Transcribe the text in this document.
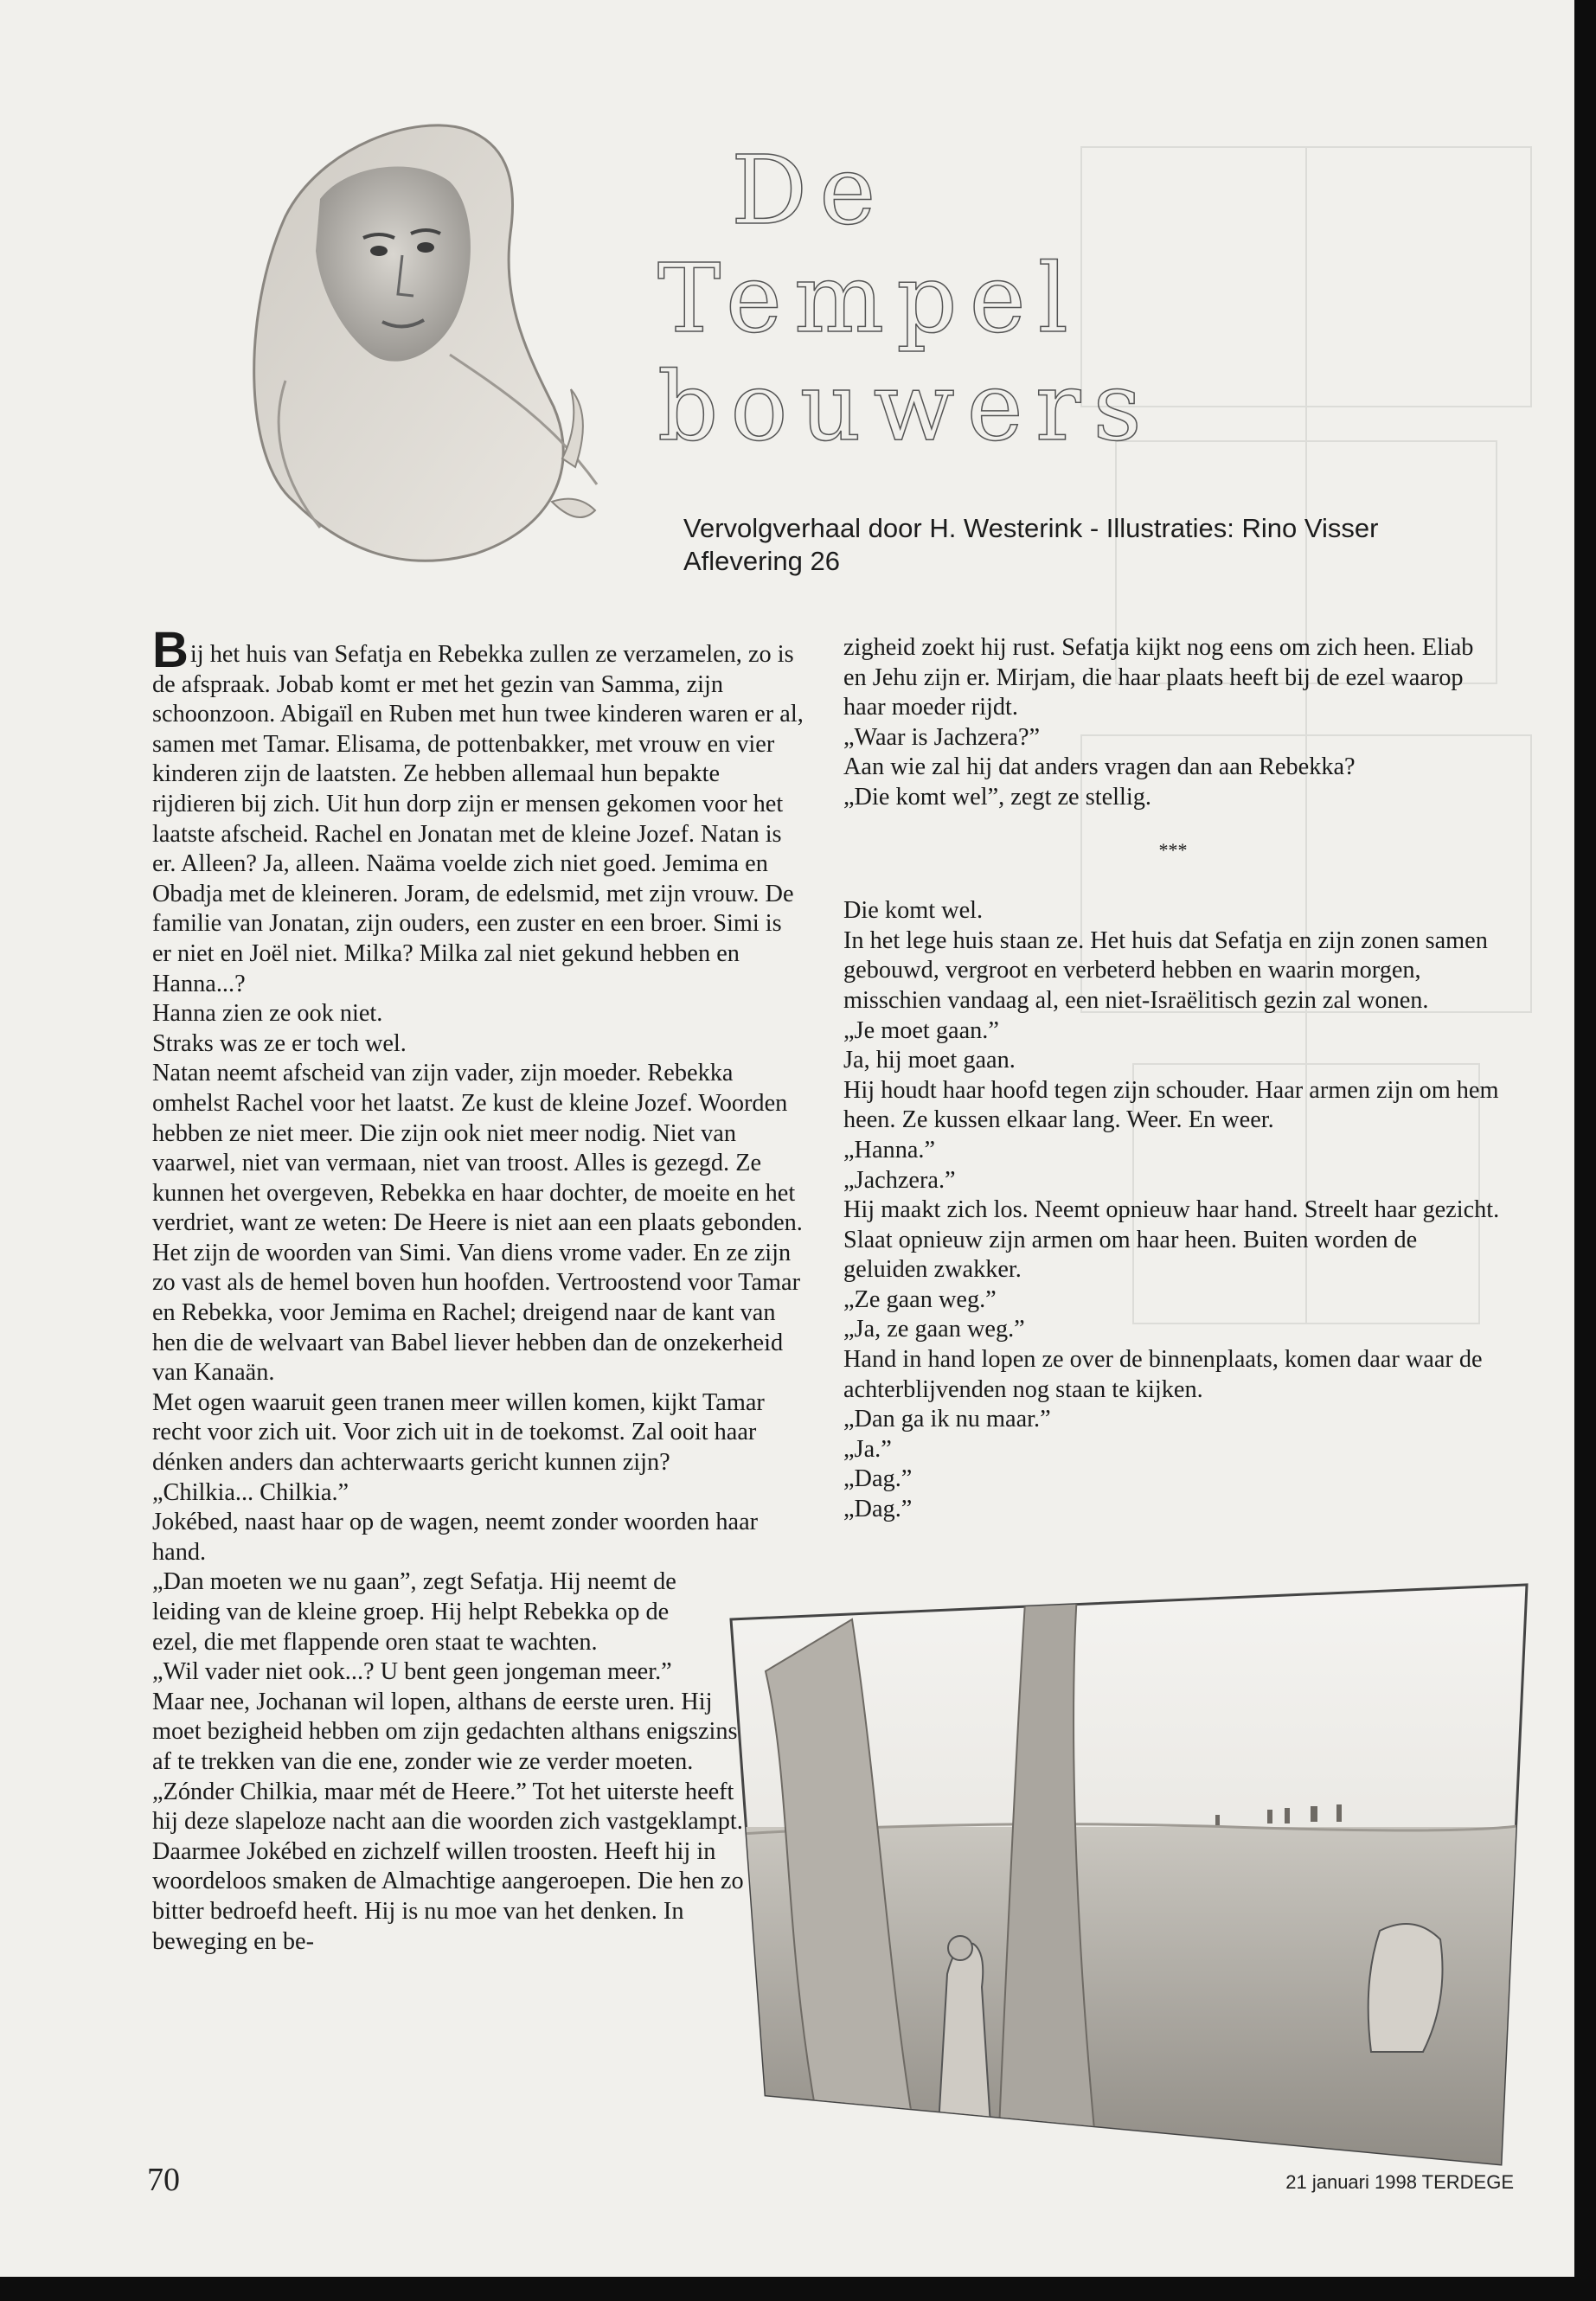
De
Tempel
bouwers

Vervolgverhaal door H. Westerink - Illustraties: Rino Visser

Aflevering 26

Bij het huis van Sefatja en Rebekka zullen ze verzamelen, zo is de afspraak. Jobab komt er met het gezin van Samma, zijn schoonzoon. Abigaïl en Ruben met hun twee kinderen waren er al, samen met Tamar. Elisama, de pottenbakker, met vrouw en vier kinderen zijn de laatsten. Ze hebben allemaal hun bepakte rijdieren bij zich. Uit hun dorp zijn er mensen gekomen voor het laatste afscheid. Rachel en Jonatan met de kleine Jozef. Natan is er. Alleen? Ja, alleen. Naäma voelde zich niet goed. Jemima en Obadja met de kleineren. Joram, de edelsmid, met zijn vrouw. De familie van Jonatan, zijn ouders, een zuster en een broer. Simi is er niet en Joël niet. Milka? Milka zal niet gekund hebben en Hanna...?

Hanna zien ze ook niet.

Straks was ze er toch wel.

Natan neemt afscheid van zijn vader, zijn moeder. Rebekka omhelst Rachel voor het laatst. Ze kust de kleine Jozef. Woorden hebben ze niet meer. Die zijn ook niet meer nodig. Niet van vaarwel, niet van vermaan, niet van troost. Alles is gezegd. Ze kunnen het overgeven, Rebekka en haar dochter, de moeite en het verdriet, want ze weten: De Heere is niet aan een plaats gebonden. Het zijn de woorden van Simi. Van diens vrome vader. En ze zijn zo vast als de hemel boven hun hoofden. Vertroostend voor Tamar en Rebekka, voor Jemima en Rachel; dreigend naar de kant van hen die de welvaart van Babel liever hebben dan de onzekerheid van Kanaän.

Met ogen waaruit geen tranen meer willen komen, kijkt Tamar recht voor zich uit. Voor zich uit in de toekomst. Zal ooit haar dénken anders dan achterwaarts gericht kunnen zijn?

„Chilkia... Chilkia.”

Jokébed, naast haar op de wagen, neemt zonder woorden haar hand.

„Dan moeten we nu gaan”, zegt Sefatja. Hij neemt de leiding van de kleine groep. Hij helpt Rebekka op de ezel, die met flappende oren staat te wachten.

„Wil vader niet ook...? U bent geen jongeman meer.”

Maar nee, Jochanan wil lopen, althans de eerste uren. Hij moet bezigheid hebben om zijn gedachten althans enigszins af te trekken van die ene, zonder wie ze verder moeten. „Zónder Chilkia, maar mét de Heere.” Tot het uiterste heeft hij deze slapeloze nacht aan die woorden zich vastgeklampt. Daarmee Jokébed en zichzelf willen troosten. Heeft hij in woordeloos smaken de Almachtige aangeroepen. Die hen zo bitter bedroefd heeft. Hij is nu moe van het denken. In beweging en be-

zigheid zoekt hij rust. Sefatja kijkt nog eens om zich heen. Eliab en Jehu zijn er. Mirjam, die haar plaats heeft bij de ezel waarop haar moeder rijdt.

„Waar is Jachzera?”

Aan wie zal hij dat anders vragen dan aan Rebekka?

„Die komt wel”, zegt ze stellig.

***

Die komt wel.

In het lege huis staan ze. Het huis dat Sefatja en zijn zonen samen gebouwd, vergroot en verbeterd hebben en waarin morgen, misschien vandaag al, een niet-Israëlitisch gezin zal wonen.

„Je moet gaan.”

Ja, hij moet gaan.

Hij houdt haar hoofd tegen zijn schouder. Haar armen zijn om hem heen. Ze kussen elkaar lang. Weer. En weer.

„Hanna.”

„Jachzera.”

Hij maakt zich los. Neemt opnieuw haar hand. Streelt haar gezicht. Slaat opnieuw zijn armen om haar heen. Buiten worden de geluiden zwakker.

„Ze gaan weg.”

„Ja, ze gaan weg.”

Hand in hand lopen ze over de binnenplaats, komen daar waar de achterblijvenden nog staan te kijken.

„Dan ga ik nu maar.”

„Ja.”

„Dag.”

„Dag.”

70	21 januari 1998 TERDEGE
